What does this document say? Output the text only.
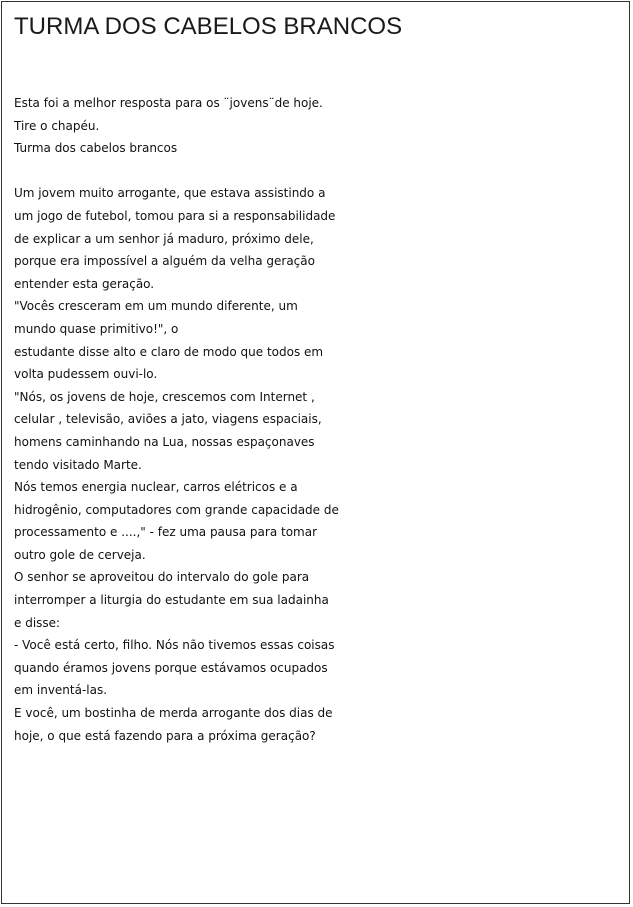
TURMA DOS CABELOS BRANCOS
Esta foi a melhor resposta para os ¨jovens¨de hoje.
Tire o chapéu.
Turma dos cabelos brancos
Um jovem muito arrogante, que estava assistindo a
um jogo de futebol, tomou para si a responsabilidade
de explicar a um senhor já maduro, próximo dele,
porque era impossível a alguém da velha geração
entender esta geração.
"Vocês cresceram em um mundo diferente, um
mundo quase primitivo!", o
estudante disse alto e claro de modo que todos em
volta pudessem ouvi-lo.
"Nós, os jovens de hoje, crescemos com Internet ,
celular , televisão, aviões a jato, viagens espaciais,
homens caminhando na Lua, nossas espaçonaves
tendo visitado Marte.
Nós temos energia nuclear, carros elétricos e a
hidrogênio, computadores com grande capacidade de
processamento e ....," - fez uma pausa para tomar
outro gole de cerveja.
O senhor se aproveitou do intervalo do gole para
interromper a liturgia do estudante em sua ladainha
e disse:
- Você está certo, filho. Nós não tivemos essas coisas
quando éramos jovens porque estávamos ocupados
em inventá-las.
E você, um bostinha de merda arrogante dos dias de
hoje, o que está fazendo para a próxima geração?
